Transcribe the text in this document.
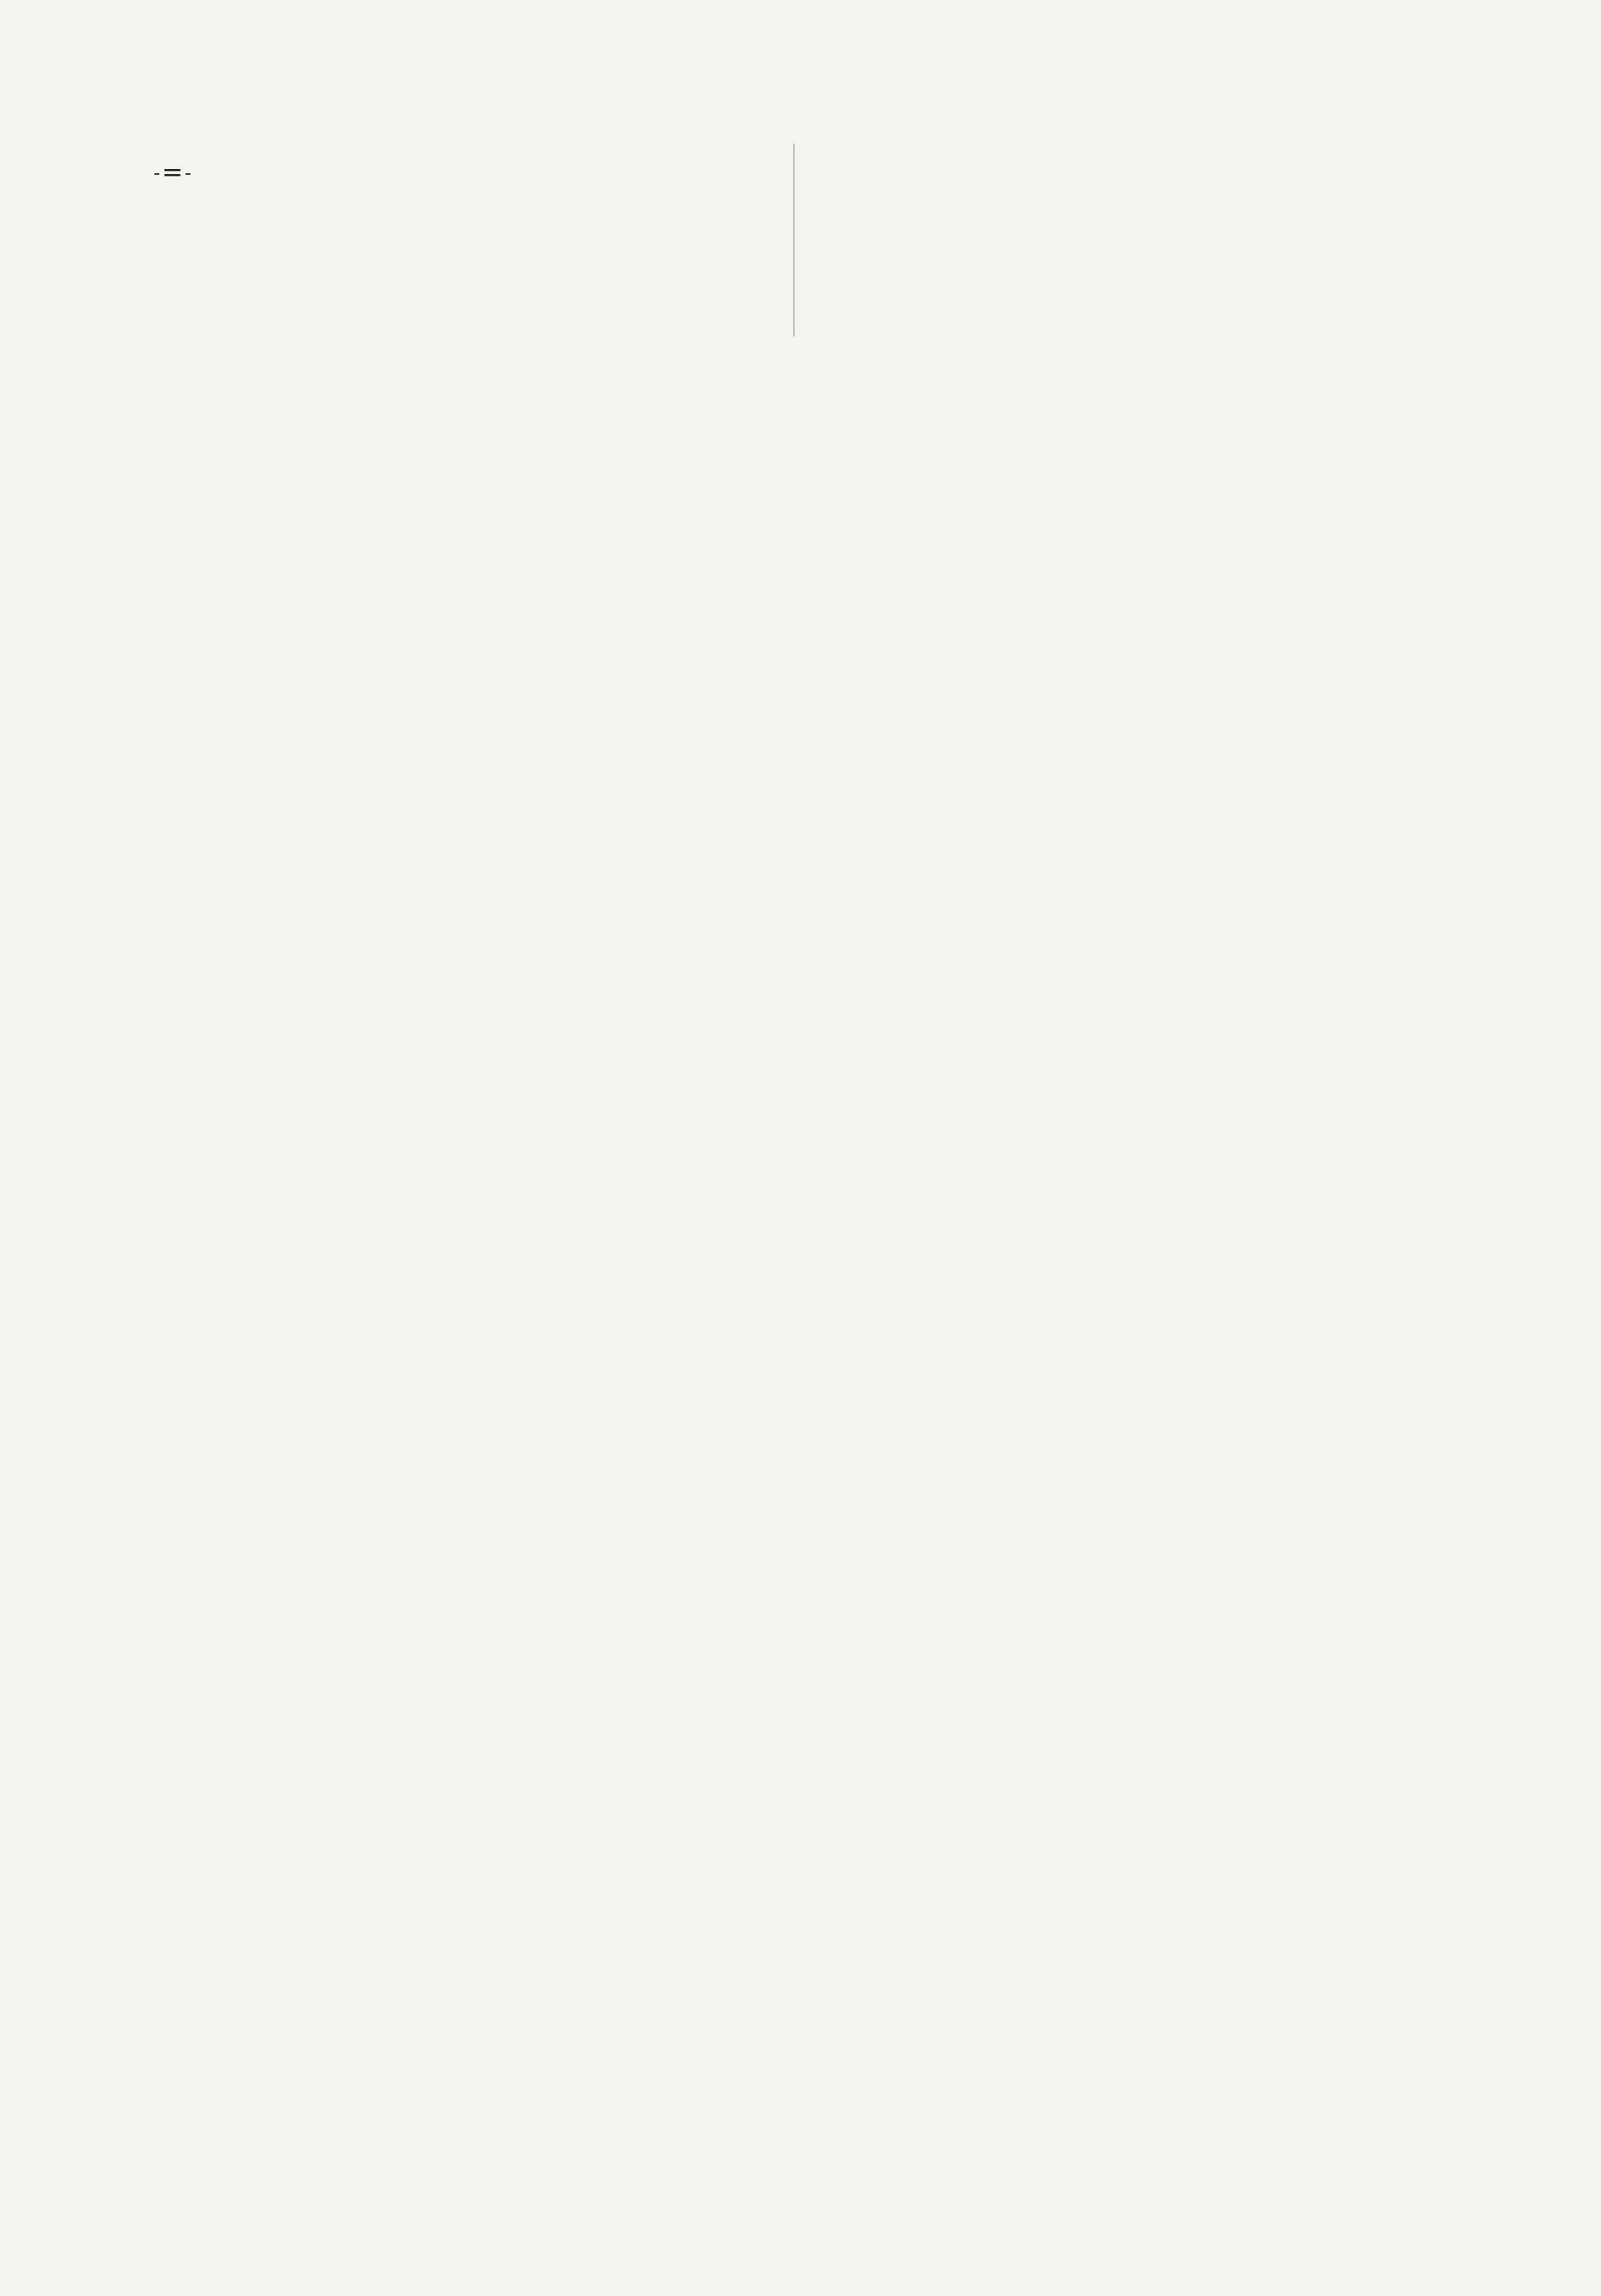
=
